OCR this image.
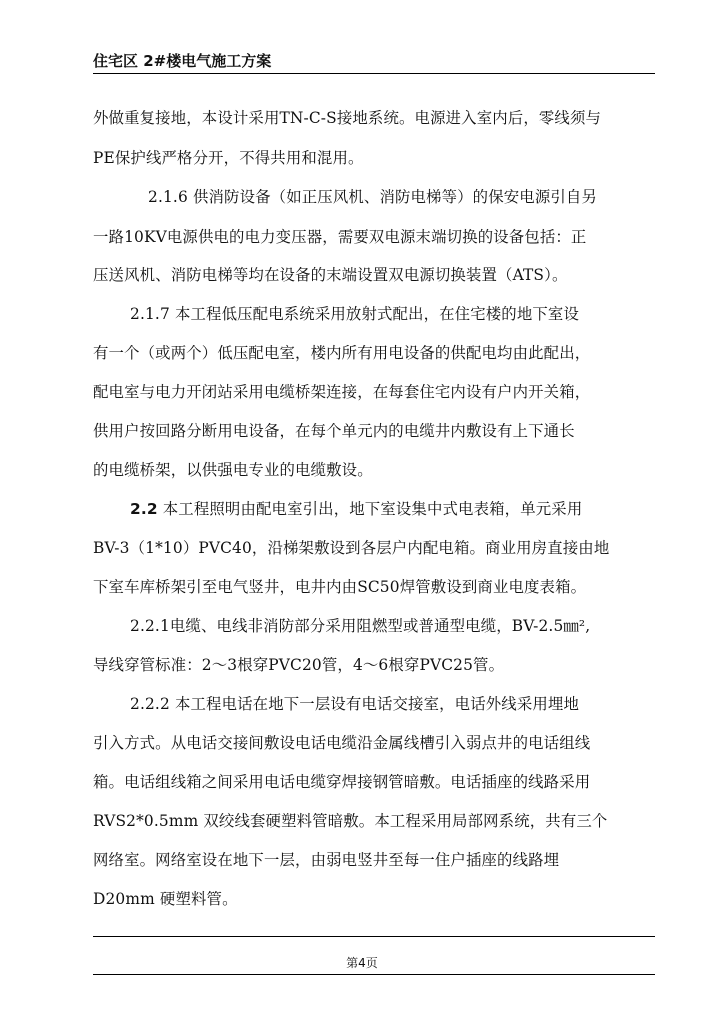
住宅区 2#楼电气施工方案
外做重复接地，本设计采用TN-C-S接地系统。电源进入室内后，零线须与
PE保护线严格分开，不得共用和混用。
2.1.6 供消防设备（如正压风机、消防电梯等）的保安电源引自另
一路10KV电源供电的电力变压器，需要双电源末端切换的设备包括：正
压送风机、消防电梯等均在设备的末端设置双电源切换装置（ATS）。
2.1.7 本工程低压配电系统采用放射式配出，在住宅楼的地下室设
有一个（或两个）低压配电室，楼内所有用电设备的供配电均由此配出，
配电室与电力开闭站采用电缆桥架连接，在每套住宅内设有户内开关箱，
供用户按回路分断用电设备，在每个单元内的电缆井内敷设有上下通长
的电缆桥架，以供强电专业的电缆敷设。
2.2 本工程照明由配电室引出，地下室设集中式电表箱，单元采用
BV-3（1*10）PVC40，沿梯架敷设到各层户内配电箱。商业用房直接由地
下室车库桥架引至电气竖井，电井内由SC50焊管敷设到商业电度表箱。
2.2.1电缆、电线非消防部分采用阻燃型或普通型电缆，BV-2.5㎜²,
导线穿管标准：2～3根穿PVC20管，4～6根穿PVC25管。
2.2.2 本工程电话在地下一层设有电话交接室，电话外线采用埋地
引入方式。从电话交接间敷设电话电缆沿金属线槽引入弱点井的电话组线
箱。电话组线箱之间采用电话电缆穿焊接钢管暗敷。电话插座的线路采用
RVS2*0.5mm 双绞线套硬塑料管暗敷。本工程采用局部网系统，共有三个
网络室。网络室设在地下一层，由弱电竖井至每一住户插座的线路埋
D20mm 硬塑料管。
第4页
